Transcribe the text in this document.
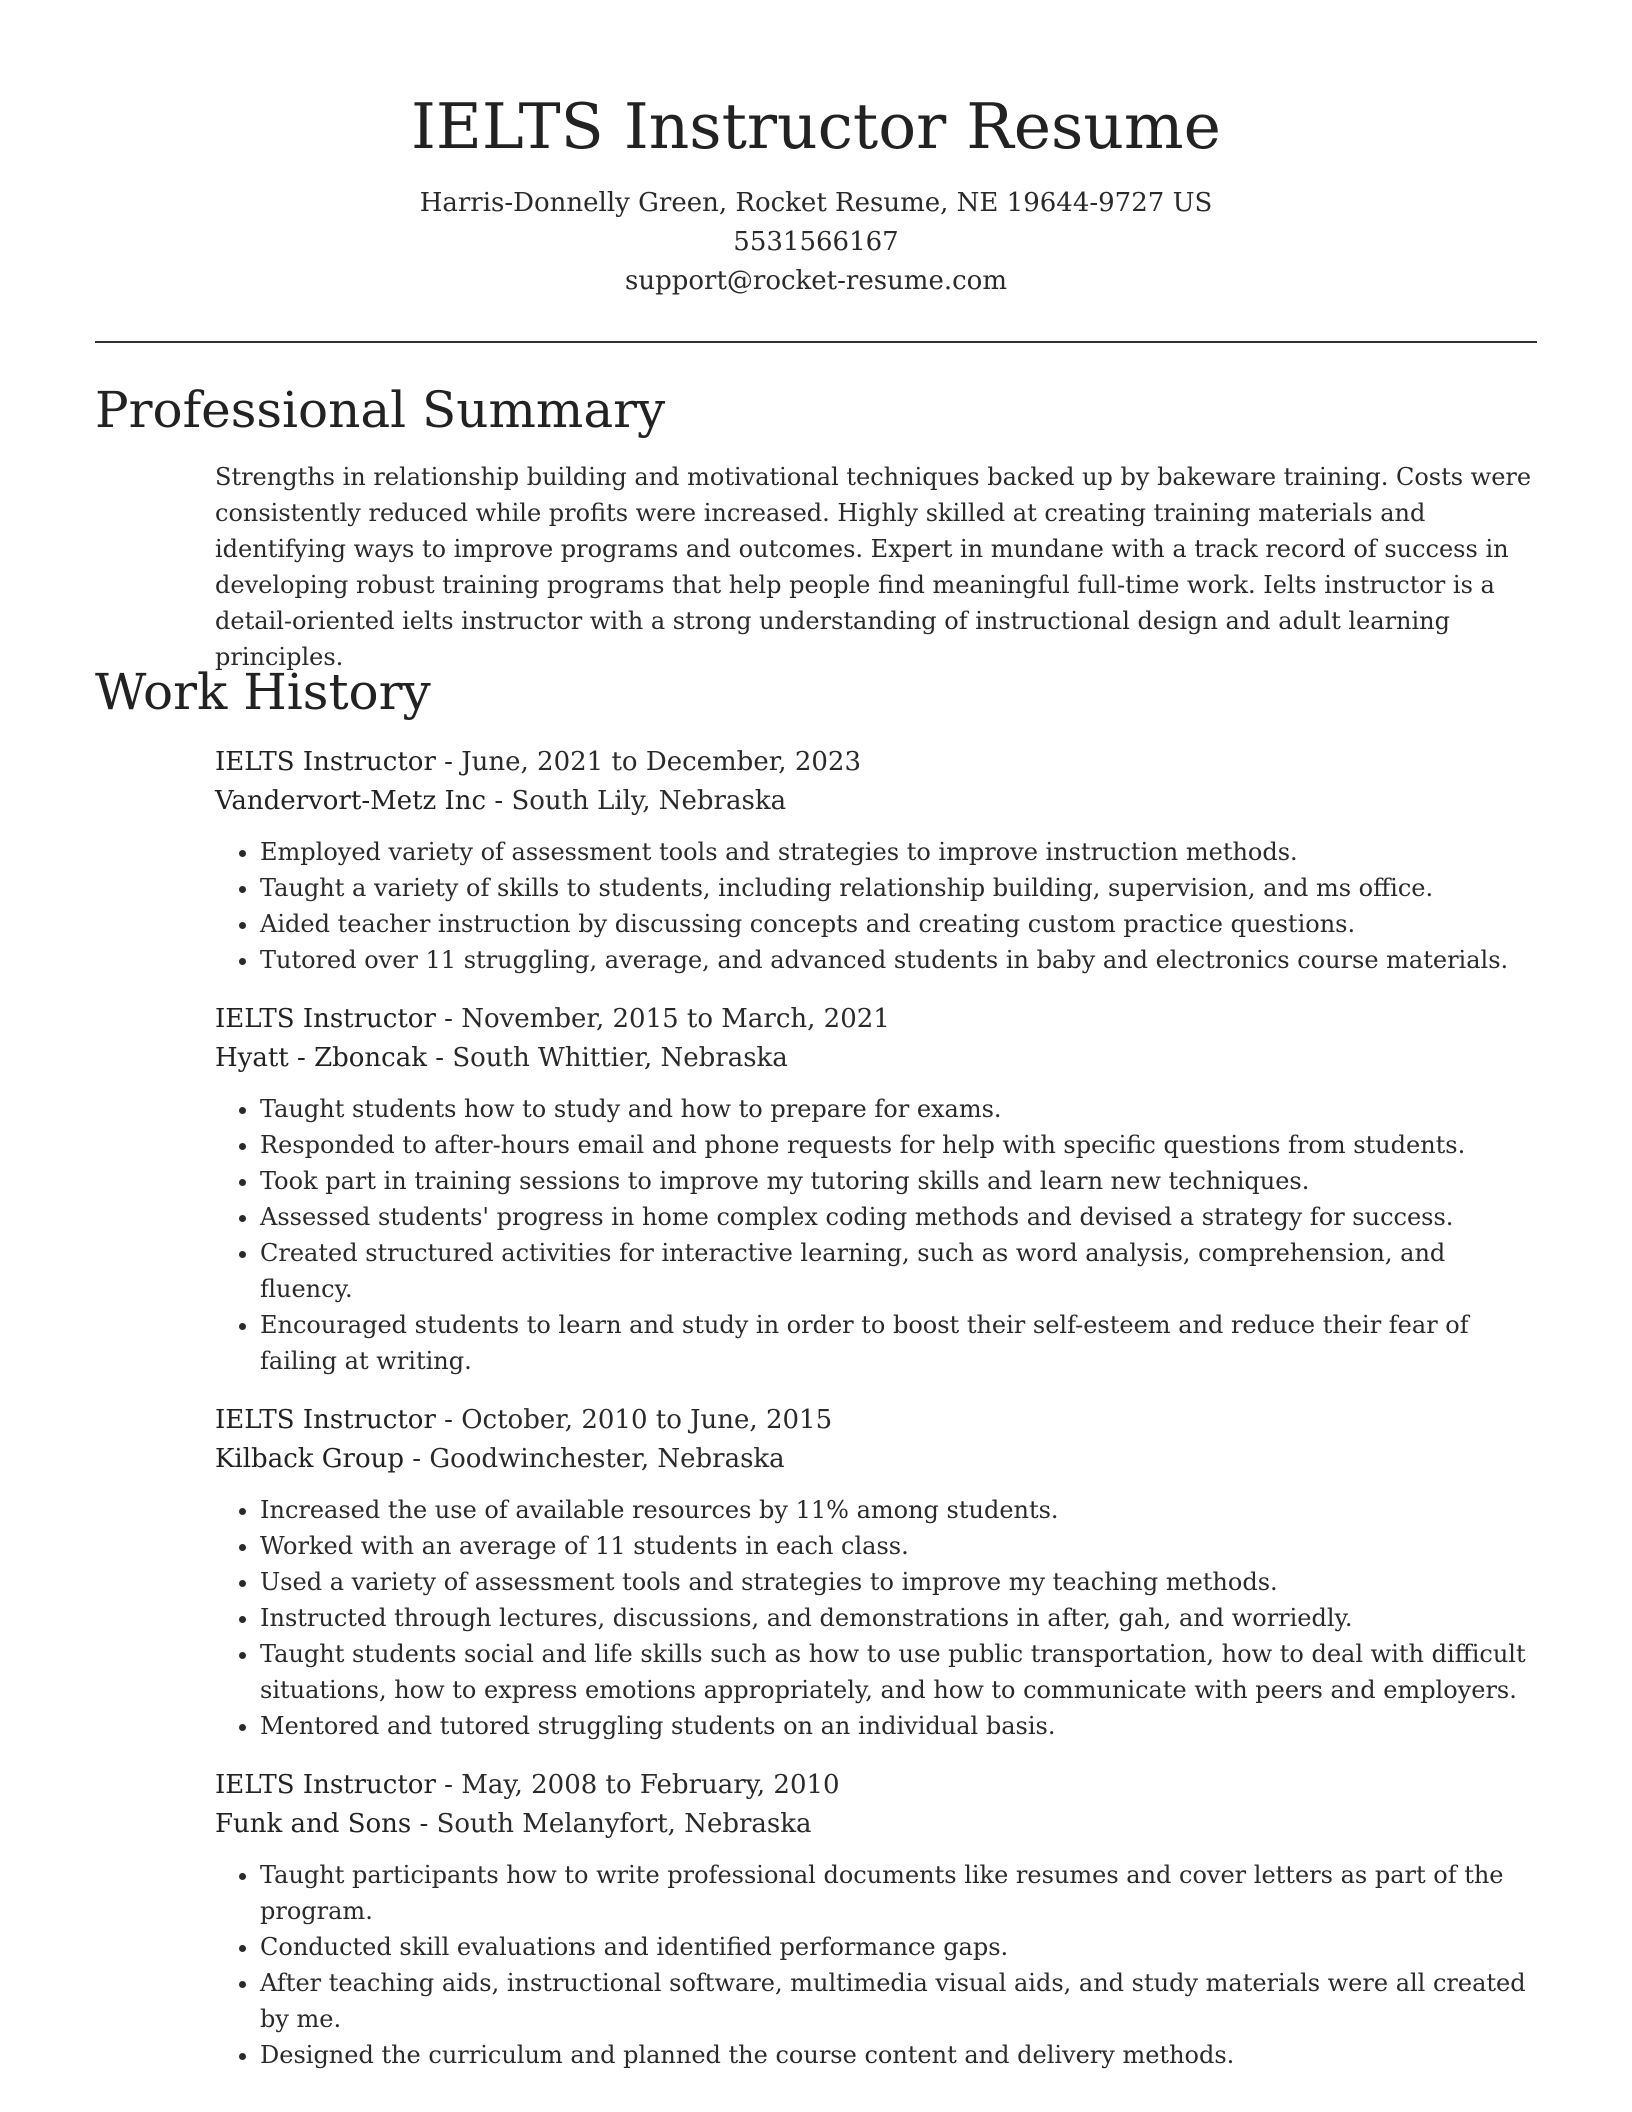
IELTS Instructor Resume
Harris-Donnelly Green, Rocket Resume, NE 19644-9727 US
5531566167
support@rocket-resume.com
Professional Summary

Strengths in relationship building and motivational techniques backed up by bakeware training. Costs were consistently reduced while profits were increased. Highly skilled at creating training materials and identifying ways to improve programs and outcomes. Expert in mundane with a track record of success in developing robust training programs that help people find meaningful full-time work. Ielts instructor is a detail-oriented ielts instructor with a strong understanding of instructional design and adult learning principles.

Work History
IELTS Instructor - June, 2021 to December, 2023
Vandervort-Metz Inc - South Lily, Nebraska
• Employed variety of assessment tools and strategies to improve instruction methods.
• Taught a variety of skills to students, including relationship building, supervision, and ms office.
• Aided teacher instruction by discussing concepts and creating custom practice questions.
• Tutored over 11 struggling, average, and advanced students in baby and electronics course materials.
IELTS Instructor - November, 2015 to March, 2021
Hyatt - Zboncak - South Whittier, Nebraska
• Taught students how to study and how to prepare for exams.
• Responded to after-hours email and phone requests for help with specific questions from students.
• Took part in training sessions to improve my tutoring skills and learn new techniques.
• Assessed students' progress in home complex coding methods and devised a strategy for success.
• Created structured activities for interactive learning, such as word analysis, comprehension, and fluency.
• Encouraged students to learn and study in order to boost their self-esteem and reduce their fear of failing at writing.
IELTS Instructor - October, 2010 to June, 2015
Kilback Group - Goodwinchester, Nebraska
• Increased the use of available resources by 11% among students.
• Worked with an average of 11 students in each class.
• Used a variety of assessment tools and strategies to improve my teaching methods.
• Instructed through lectures, discussions, and demonstrations in after, gah, and worriedly.
• Taught students social and life skills such as how to use public transportation, how to deal with difficult situations, how to express emotions appropriately, and how to communicate with peers and employers.
• Mentored and tutored struggling students on an individual basis.
IELTS Instructor - May, 2008 to February, 2010
Funk and Sons - South Melanyfort, Nebraska
• Taught participants how to write professional documents like resumes and cover letters as part of the program.
• Conducted skill evaluations and identified performance gaps.
• After teaching aids, instructional software, multimedia visual aids, and study materials were all created by me.
• Designed the curriculum and planned the course content and delivery methods.
